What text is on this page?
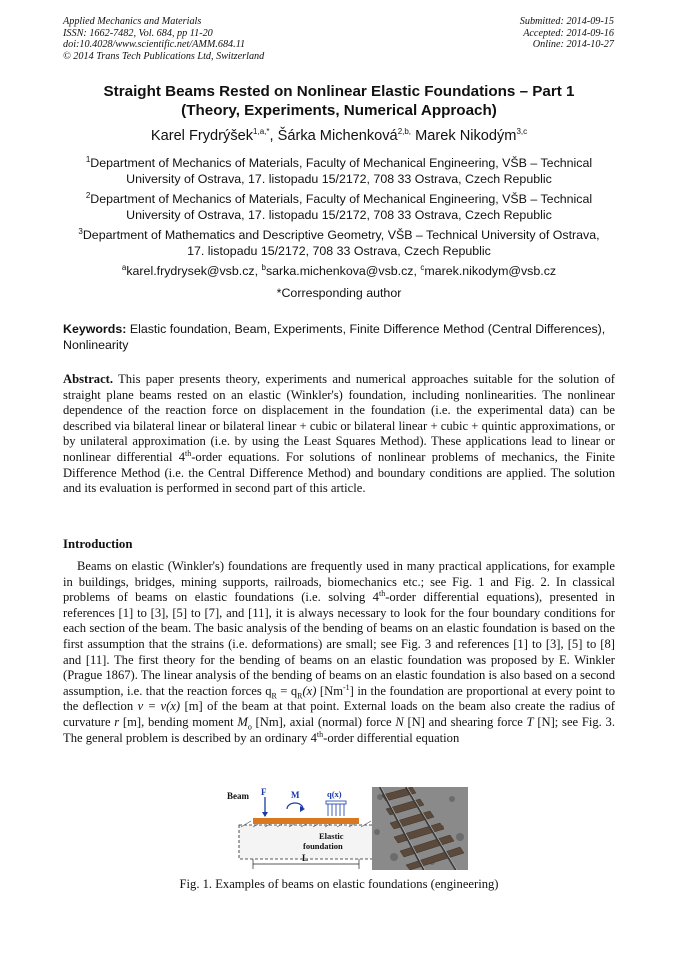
Applied Mechanics and Materials
ISSN: 1662-7482, Vol. 684, pp 11-20
doi:10.4028/www.scientific.net/AMM.684.11
© 2014 Trans Tech Publications Ltd, Switzerland
Submitted: 2014-09-15
Accepted: 2014-09-16
Online: 2014-10-27
Straight Beams Rested on Nonlinear Elastic Foundations – Part 1
(Theory, Experiments, Numerical Approach)
Karel Frydrýšek$^{1,a,*}$, Šárka Michenková$^{2,b,}$ Marek Nikodým$^{3,c}$
$^1$Department of Mechanics of Materials, Faculty of Mechanical Engineering, VŠB – Technical
University of Ostrava, 17. listopadu 15/2172, 708 33 Ostrava, Czech Republic
$^2$Department of Mechanics of Materials, Faculty of Mechanical Engineering, VŠB – Technical
University of Ostrava, 17. listopadu 15/2172, 708 33 Ostrava, Czech Republic
$^3$Department of Mathematics and Descriptive Geometry, VŠB – Technical University of Ostrava,
17. listopadu 15/2172, 708 33 Ostrava, Czech Republic
$^a$karel.frydrysek@vsb.cz, $^b$sarka.michenkova@vsb.cz, $^c$marek.nikodym@vsb.cz
*Corresponding author
Keywords: Elastic foundation, Beam, Experiments, Finite Difference Method (Central Differences), Nonlinearity
Abstract. This paper presents theory, experiments and numerical approaches suitable for the solution of straight plane beams rested on an elastic (Winkler's) foundation, including nonlinearities. The nonlinear dependence of the reaction force on displacement in the foundation (i.e. the experimental data) can be described via bilateral linear or bilateral linear + cubic or bilateral linear + cubic + quintic approximations, or by unilateral approximation (i.e. by using the Least Squares Method). These applications lead to linear or nonlinear differential 4th-order equations. For solutions of nonlinear problems of mechanics, the Finite Difference Method (i.e. the Central Difference Method) and boundary conditions are applied. The solution and its evaluation is performed in second part of this article.
Introduction
Beams on elastic (Winkler's) foundations are frequently used in many practical applications, for example in buildings, bridges, mining supports, railroads, biomechanics etc.; see Fig. 1 and Fig. 2. In classical problems of beams on elastic foundations (i.e. solving 4th-order differential equations), presented in references [1] to [3], [5] to [7], and [11], it is always necessary to look for the four boundary conditions for each section of the beam. The basic analysis of the bending of beams on an elastic foundation is based on the first assumption that the strains (i.e. deformations) are small; see Fig. 3 and references [1] to [3], [5] to [8] and [11]. The first theory for the bending of beams on an elastic foundation was proposed by E. Winkler (Prague 1867). The linear analysis of the bending of beams on an elastic foundation is also based on a second assumption, i.e. that the reaction forces $q_R = q_R(x)$ $[Nm^{-1}]$ in the foundation are proportional at every point to the deflection v = v(x) [m] of the beam at that point. External loads on the beam also create the radius of curvature r [m], bending moment $M_o$ [Nm], axial (normal) force N [N] and shearing force T [N]; see Fig. 3. The general problem is described by an ordinary 4th-order differential equation
Beam F	M	q(x)
Elastic
foundation
L
Fig. 1. Examples of beams on elastic foundations (engineering)
